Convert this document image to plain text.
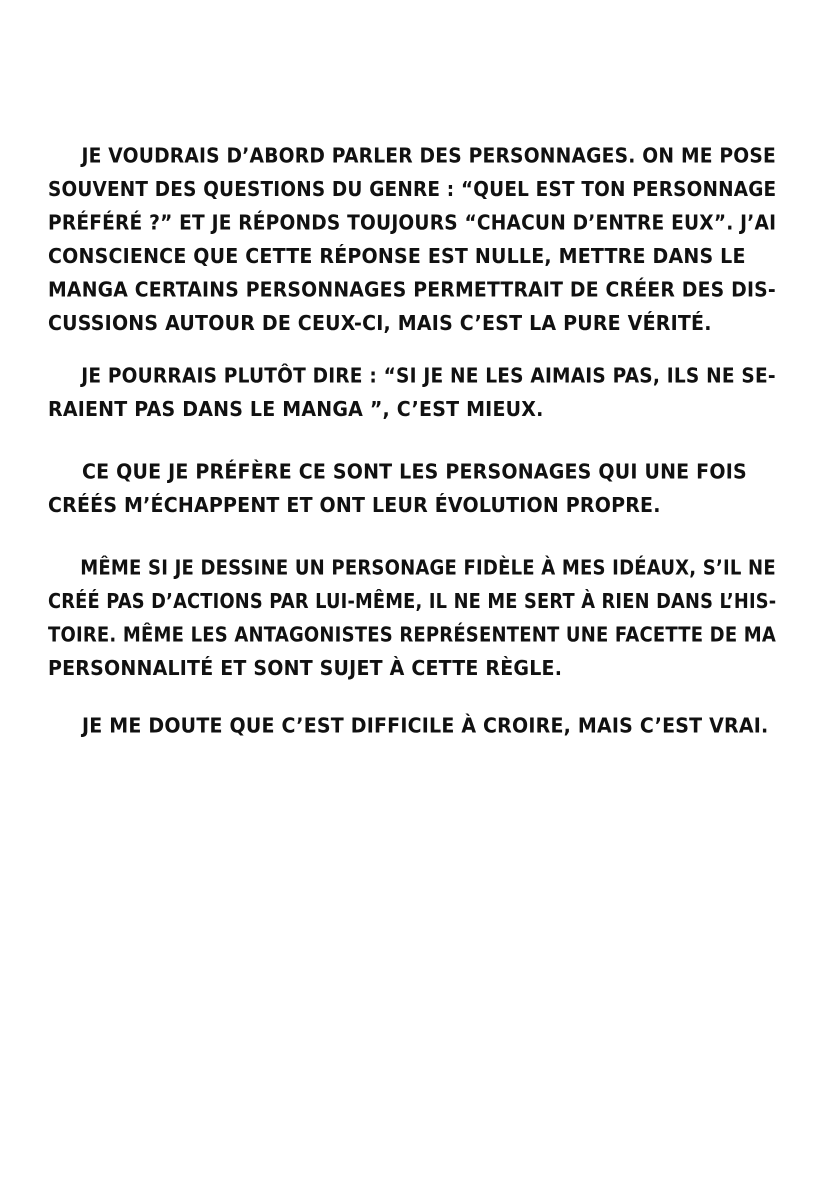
JE VOUDRAIS D’ABORD PARLER DES PERSONNAGES. ON ME POSE
SOUVENT DES QUESTIONS DU GENRE : “QUEL EST TON PERSONNAGE
PRÉFÉRÉ ?” ET JE RÉPONDS TOUJOURS “CHACUN D’ENTRE EUX”. J’AI
CONSCIENCE QUE CETTE RÉPONSE EST NULLE, METTRE DANS LE
MANGA CERTAINS PERSONNAGES PERMETTRAIT DE CRÉER DES DIS-
CUSSIONS AUTOUR DE CEUX-CI, MAIS C’EST LA PURE VÉRITÉ.

JE POURRAIS PLUTÔT DIRE : “SI JE NE LES AIMAIS PAS, ILS NE SE-
RAIENT PAS DANS LE MANGA ”, C’EST MIEUX.

CE QUE JE PRÉFÈRE CE SONT LES PERSONAGES QUI UNE FOIS
CRÉÉS M’ÉCHAPPENT ET ONT LEUR ÉVOLUTION PROPRE.

MÊME SI JE DESSINE UN PERSONAGE FIDÈLE À MES IDÉAUX, S’IL NE
CRÉÉ PAS D’ACTIONS PAR LUI-MÊME, IL NE ME SERT À RIEN DANS L’HIS-
TOIRE. MÊME LES ANTAGONISTES REPRÉSENTENT UNE FACETTE DE MA
PERSONNALITÉ ET SONT SUJET À CETTE RÈGLE.

JE ME DOUTE QUE C’EST DIFFICILE À CROIRE, MAIS C’EST VRAI.
